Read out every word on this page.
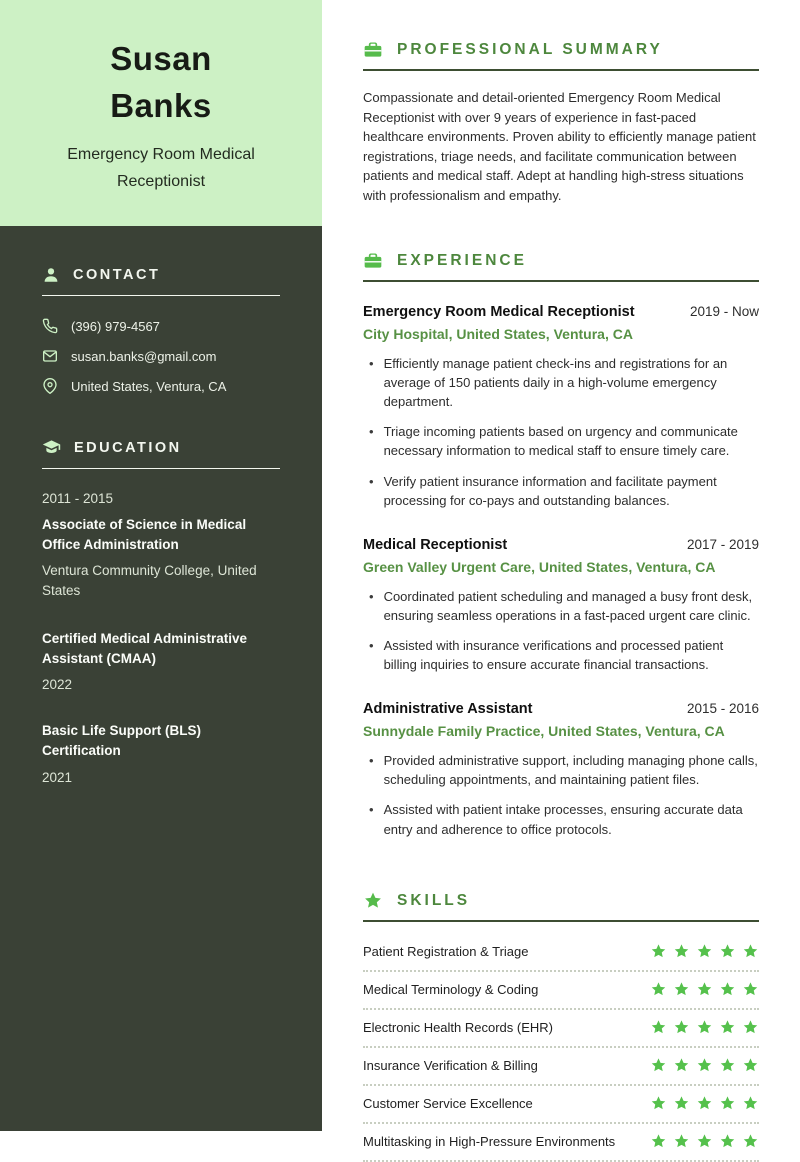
Susan Banks
Emergency Room Medical Receptionist
CONTACT
(396) 979-4567
susan.banks@gmail.com
United States, Ventura, CA
EDUCATION
2011 - 2015
Associate of Science in Medical Office Administration
Ventura Community College, United States
Certified Medical Administrative Assistant (CMAA)
2022
Basic Life Support (BLS) Certification
2021
PROFESSIONAL SUMMARY
Compassionate and detail-oriented Emergency Room Medical Receptionist with over 9 years of experience in fast-paced healthcare environments. Proven ability to efficiently manage patient registrations, triage needs, and facilitate communication between patients and medical staff. Adept at handling high-stress situations with professionalism and empathy.
EXPERIENCE
Emergency Room Medical Receptionist	2019 - Now
City Hospital, United States, Ventura, CA
• Efficiently manage patient check-ins and registrations for an average of 150 patients daily in a high-volume emergency department.
• Triage incoming patients based on urgency and communicate necessary information to medical staff to ensure timely care.
• Verify patient insurance information and facilitate payment processing for co-pays and outstanding balances.
Medical Receptionist	2017 - 2019
Green Valley Urgent Care, United States, Ventura, CA
• Coordinated patient scheduling and managed a busy front desk, ensuring seamless operations in a fast-paced urgent care clinic.
• Assisted with insurance verifications and processed patient billing inquiries to ensure accurate financial transactions.
Administrative Assistant	2015 - 2016
Sunnydale Family Practice, United States, Ventura, CA
• Provided administrative support, including managing phone calls, scheduling appointments, and maintaining patient files.
• Assisted with patient intake processes, ensuring accurate data entry and adherence to office protocols.
SKILLS
Patient Registration & Triage
Medical Terminology & Coding
Electronic Health Records (EHR)
Insurance Verification & Billing
Customer Service Excellence
Multitasking in High-Pressure Environments
